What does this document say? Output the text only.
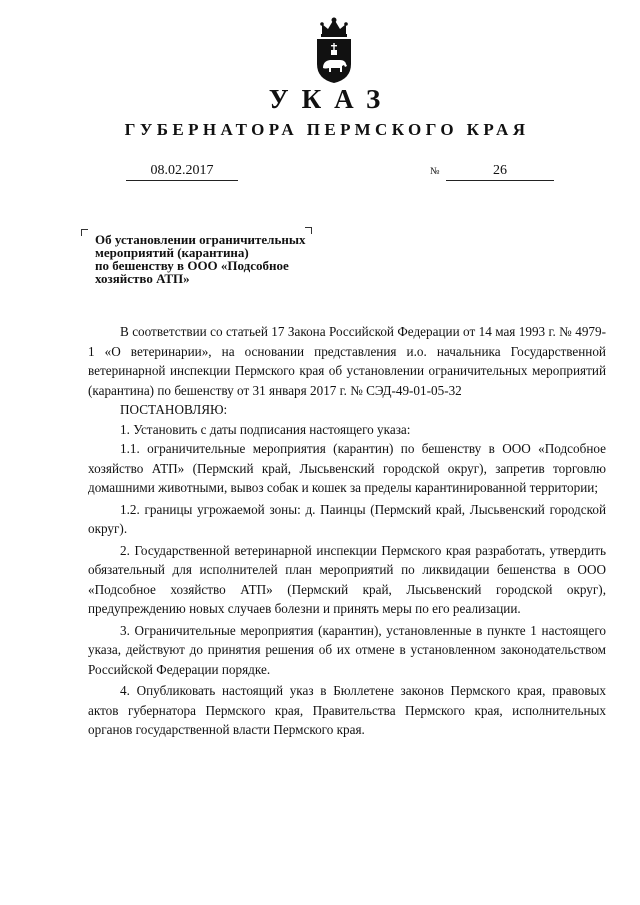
УКАЗ
ГУБЕРНАТОРА ПЕРМСКОГО КРАЯ
08.02.2017	№	26
Об установлении ограничительных
мероприятий (карантина)
по бешенству в ООО «Подсобное
хозяйство АТП»

В соответствии со статьей 17 Закона Российской Федерации от 14 мая 1993 г. № 4979-1 «О ветеринарии», на основании представления и.о. начальника Государственной ветеринарной инспекции Пермского края об установлении ограничительных мероприятий (карантина) по бешенству от 31 января 2017 г. № СЭД-49-01-05-32

ПОСТАНОВЛЯЮ:

1. Установить с даты подписания настоящего указа:

1.1. ограничительные мероприятия (карантин) по бешенству в ООО «Подсобное хозяйство АТП» (Пермский край, Лысьвенский городской округ), запретив торговлю домашними животными, вывоз собак и кошек за пределы карантинированной территории;

1.2. границы угрожаемой зоны: д. Паинцы (Пермский край, Лысьвенский городской округ).

2. Государственной ветеринарной инспекции Пермского края разработать, утвердить обязательный для исполнителей план мероприятий по ликвидации бешенства в ООО «Подсобное хозяйство АТП» (Пермский край, Лысьвенский городской округ), предупреждению новых случаев болезни и принять меры по его реализации.

3. Ограничительные мероприятия (карантин), установленные в пункте 1 настоящего указа, действуют до принятия решения об их отмене в установленном законодательством Российской Федерации порядке.

4. Опубликовать настоящий указ в Бюллетене законов Пермского края, правовых актов губернатора Пермского края, Правительства Пермского края, исполнительных органов государственной власти Пермского края.
